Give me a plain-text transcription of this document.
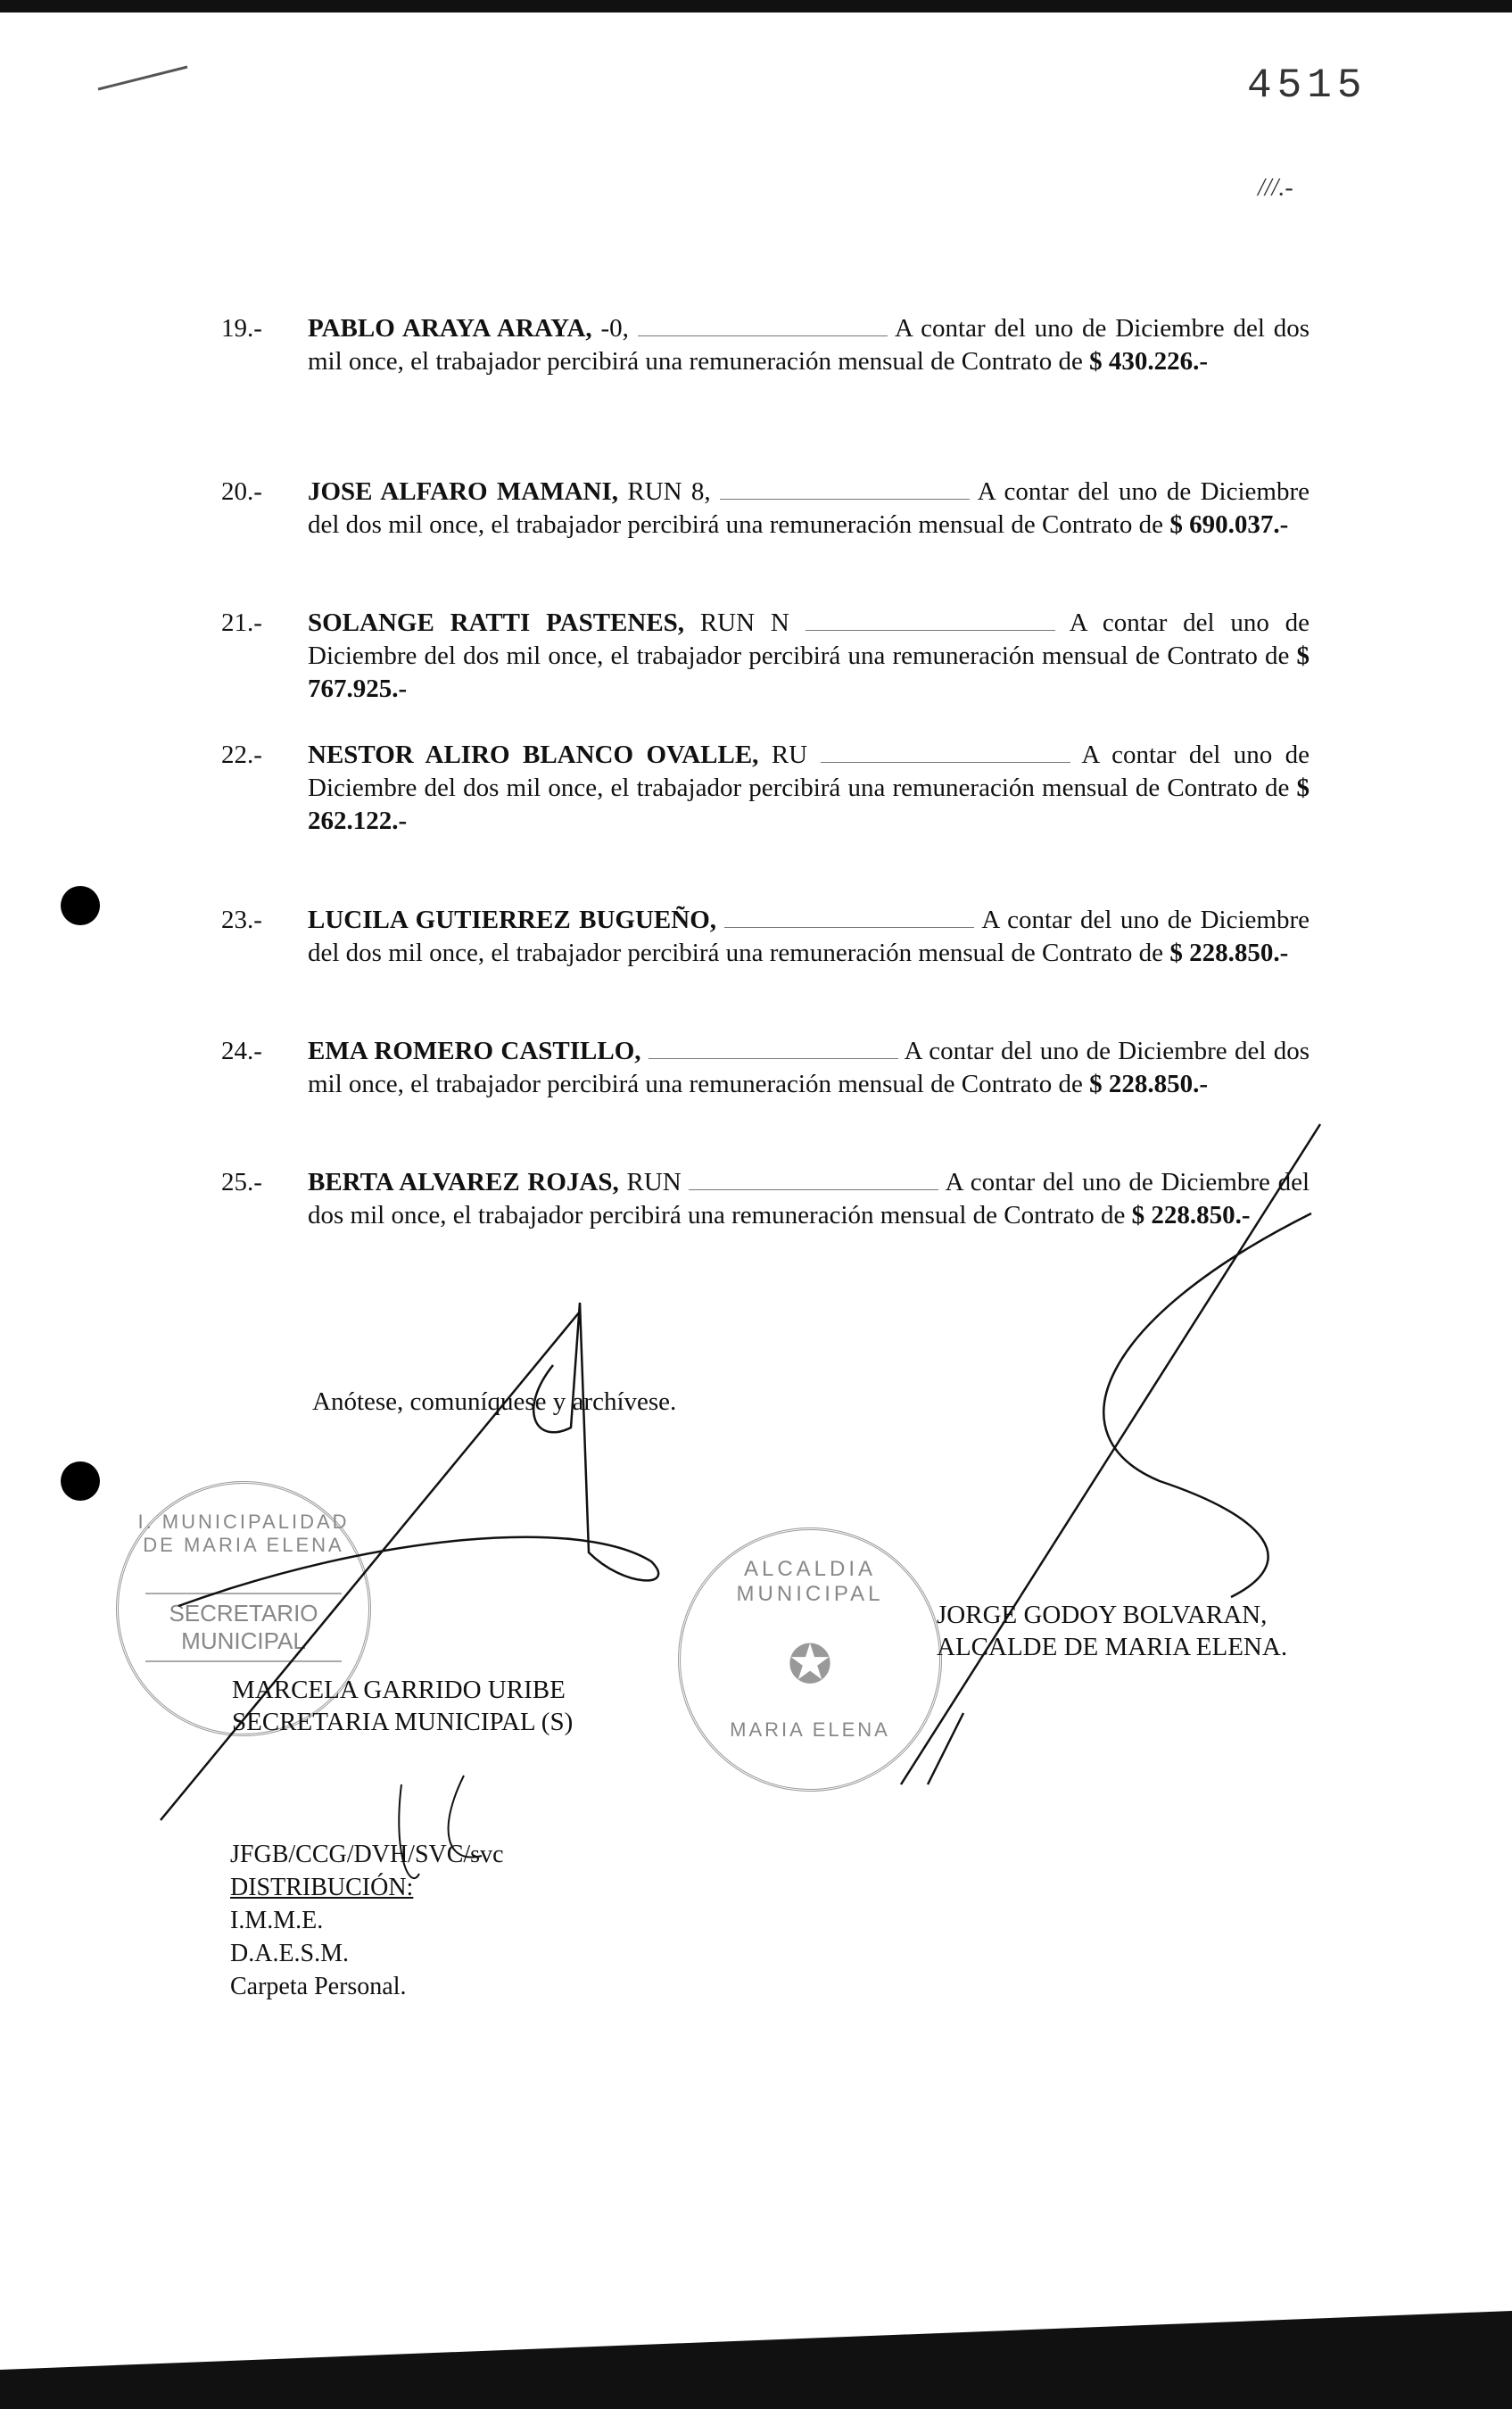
4515
///.-
19.- PABLO ARAYA ARAYA, -0,	A contar del uno de Diciembre del dos mil once, el trabajador percibirá una remuneración mensual de Contrato de $ 430.226.-
20.- JOSE ALFARO MAMANI, RUN 8,	A contar del uno de Diciembre del dos mil once, el trabajador percibirá una remuneración mensual de Contrato de $ 690.037.-
21.- SOLANGE RATTI PASTENES, RUN N	A contar del uno de Diciembre del dos mil once, el trabajador percibirá una remuneración mensual de Contrato de $ 767.925.-
22.- NESTOR ALIRO BLANCO OVALLE, RU	A contar del uno de Diciembre del dos mil once, el trabajador percibirá una remuneración mensual de Contrato de $ 262.122.-
23.- LUCILA GUTIERREZ BUGUEÑO,	A contar del uno de Diciembre del dos mil once, el trabajador percibirá una remuneración mensual de Contrato de $ 228.850.-
24.- EMA ROMERO CASTILLO,	A contar del uno de Diciembre del dos mil once, el trabajador percibirá una remuneración mensual de Contrato de $ 228.850.-
25.- BERTA ALVAREZ ROJAS, RUN	A contar del uno de Diciembre del dos mil once, el trabajador percibirá una remuneración mensual de Contrato de $ 228.850.-
Anótese, comuníquese y archívese.
I. MUNICIPALIDAD DE MARIA ELENA
SECRETARIO MUNICIPAL
ALCALDIA MUNICIPAL
✪
MARIA ELENA
MARCELA GARRIDO URIBE
SECRETARIA MUNICIPAL (S)
JORGE GODOY BOLVARAN,
ALCALDE DE MARIA ELENA.
JFGB/CCG/DVH/SVC/svc
DISTRIBUCIÓN:
I.M.M.E.
D.A.E.S.M.
Carpeta Personal.
